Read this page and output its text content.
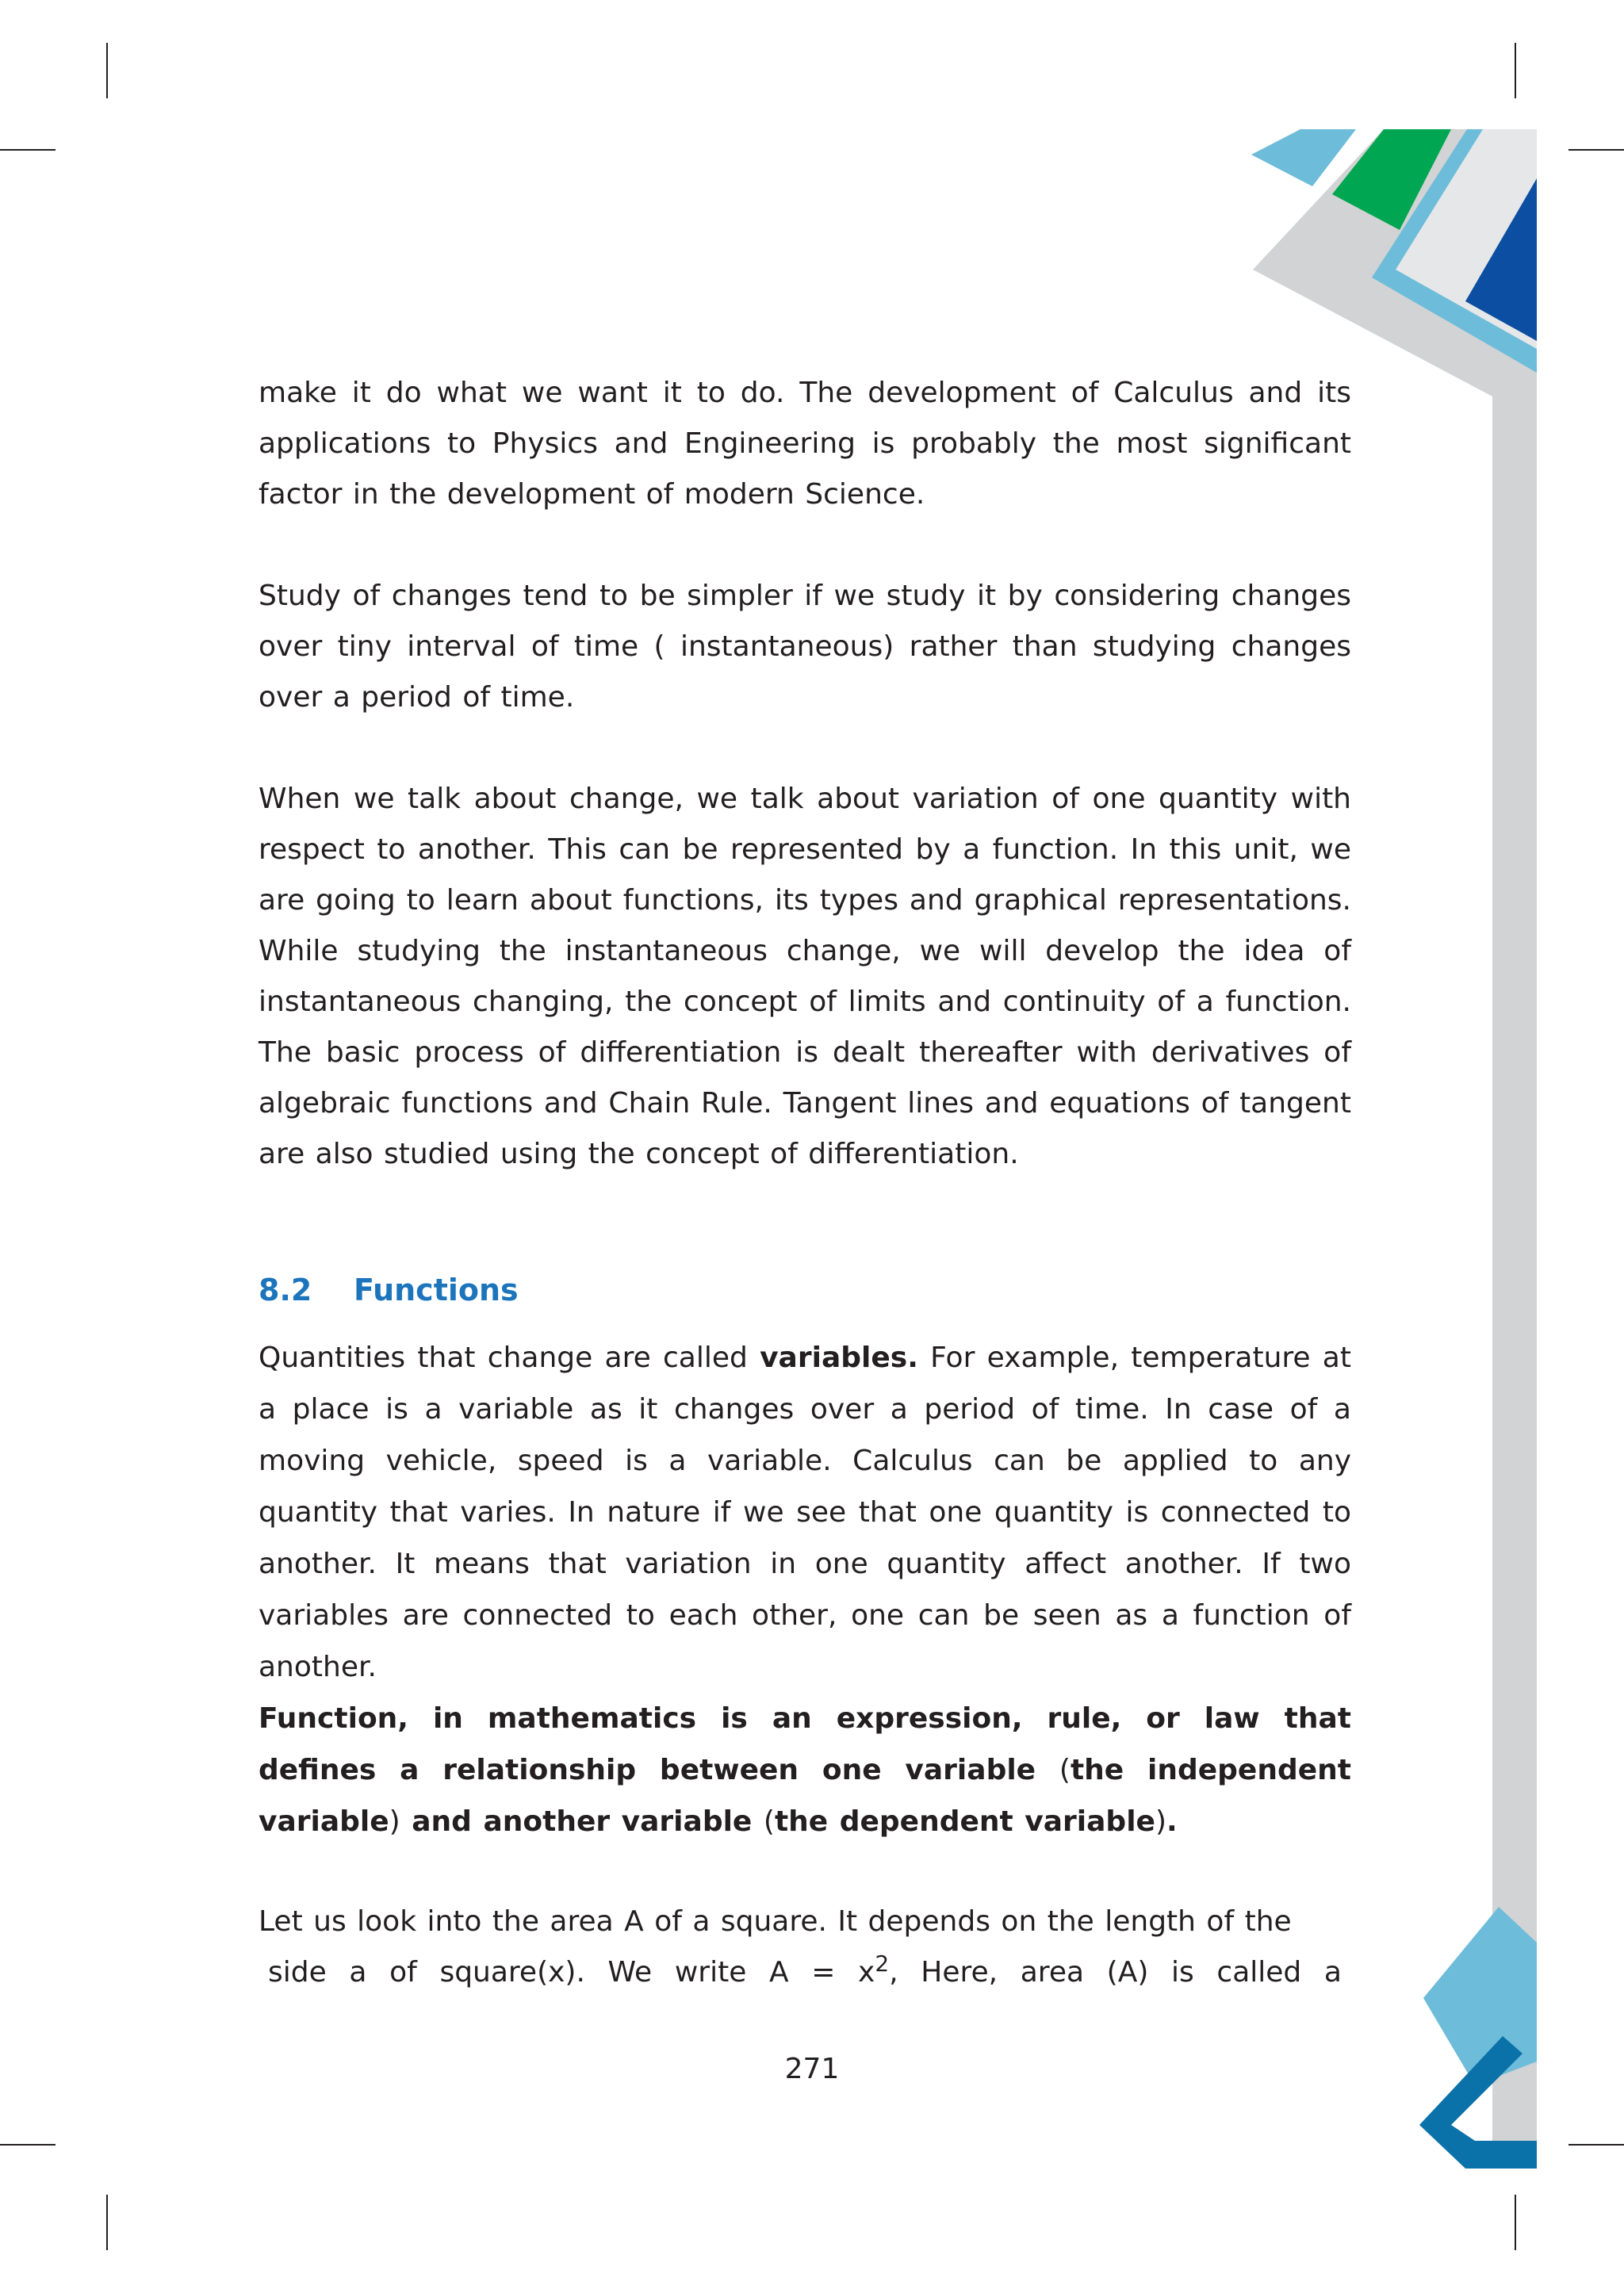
make it do what we want it to do. The development of Calculus and its applications to Physics and Engineering is probably the most significant factor in the development of modern Science.

Study of changes tend to be simpler if we study it by considering changes over tiny interval of time ( instantaneous) rather than studying changes over a period of time.

When we talk about change, we talk about variation of one quantity with respect to another. This can be represented by a function. In this unit, we are going to learn about functions, its types and graphical representations. While studying the instantaneous change, we will develop the idea of instantaneous changing, the concept of limits and continuity of a function. The basic process of differentiation is dealt thereafter with derivatives of algebraic functions and Chain Rule. Tangent lines and equations of tangent are also studied using the concept of differentiation.

8.2 Functions

Quantities that change are called variables. For example, temperature at a place is a variable as it changes over a period of time. In case of a moving vehicle, speed is a variable. Calculus can be applied to any quantity that varies. In nature if we see that one quantity is connected to another. It means that variation in one quantity affect another. If two variables are connected to each other, one can be seen as a function of another.

Function, in mathematics is an expression, rule, or law that defines a relationship between one variable (the independent variable) and another variable (the dependent variable).

Let us look into the area A of a square. It depends on the length of the

side a of square(x). We write $A = x^2$, Here, area (A) is called a

271
